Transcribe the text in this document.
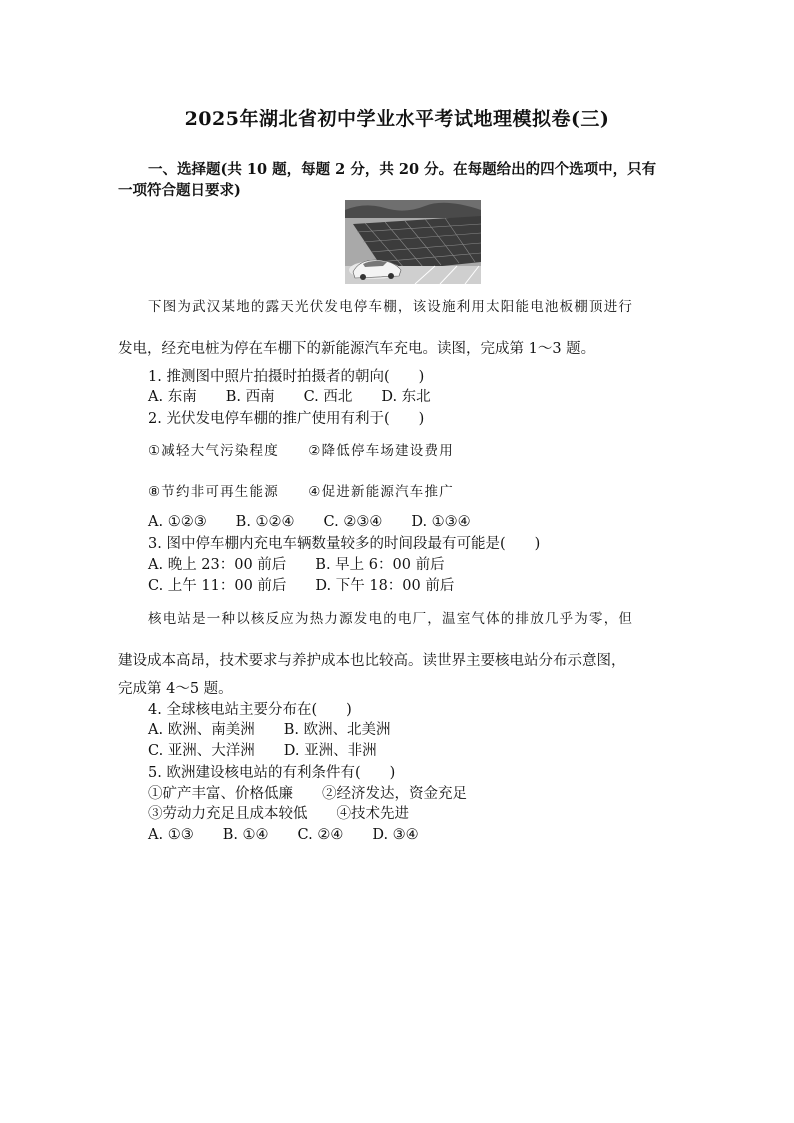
2025年湖北省初中学业水平考试地理模拟卷(三)
一、选择题(共 10 题，每题 2 分，共 20 分。在每题给出的四个选项中，只有
一项符合题日要求)
下图为武汉某地的露天光伏发电停车棚，该设施利用太阳能电池板棚顶进行
发电，经充电桩为停在车棚下的新能源汽车充电。读图，完成第 1～3 题。
1. 推测图中照片拍摄时拍摄者的朝向(　　)
A. 东南　　B. 西南　　C. 西北　　D. 东北
2. 光伏发电停车棚的推广使用有利于(　　)
①减轻大气污染程度　　②降低停车场建设费用
⑧节约非可再生能源　　④促进新能源汽车推广
A. ①②③　　B. ①②④　　C. ②③④　　D. ①③④
3. 图中停车棚内充电车辆数量较多的时间段最有可能是(　　)
A. 晚上 23：00 前后　　B. 早上 6：00 前后
C. 上午 11：00 前后　　D. 下午 18：00 前后
核电站是一种以核反应为热力源发电的电厂，温室气体的排放几乎为零，但
建设成本高昂，技术要求与养护成本也比较高。读世界主要核电站分布示意图，
完成第 4～5 题。
4. 全球核电站主要分布在(　　)
A. 欧洲、南美洲　　B. 欧洲、北美洲
C. 亚洲、大洋洲　　D. 亚洲、非洲
5. 欧洲建设核电站的有利条件有(　　)
①矿产丰富、价格低廉　　②经济发达，资金充足
③劳动力充足且成本较低　　④技术先进
A. ①③　　B. ①④　　C. ②④　　D. ③④
